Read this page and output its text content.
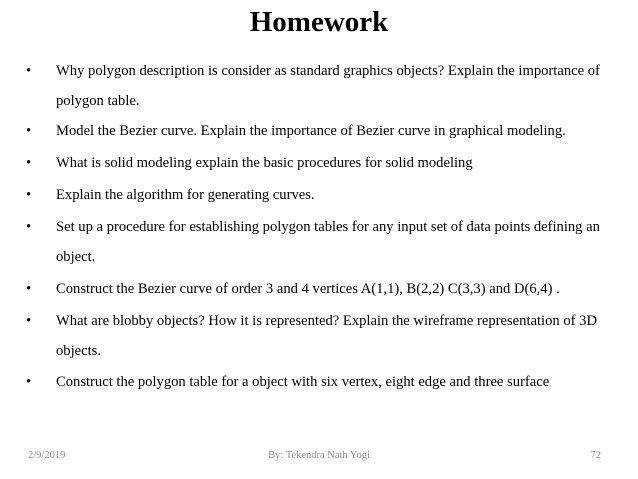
Homework
•	Why polygon description is consider as standard graphics objects? Explain the importance of
polygon table.
•	Model the Bezier curve. Explain the importance of Bezier curve in graphical modeling.
•	What is solid modeling explain the basic procedures for solid modeling
•	Explain the algorithm for generating curves.
•	Set up a procedure for establishing polygon tables for any input set of data points defining an
object.
•	Construct the Bezier curve of order 3 and 4 vertices A(1,1), B(2,2) C(3,3) and D(6,4) .
•	What are blobby objects? How it is represented? Explain the wireframe representation of 3D
objects.
•	Construct the polygon table for a object with six vertex, eight edge and three surface
2/9/2019	By: Tekendra Nath Yogi	72
